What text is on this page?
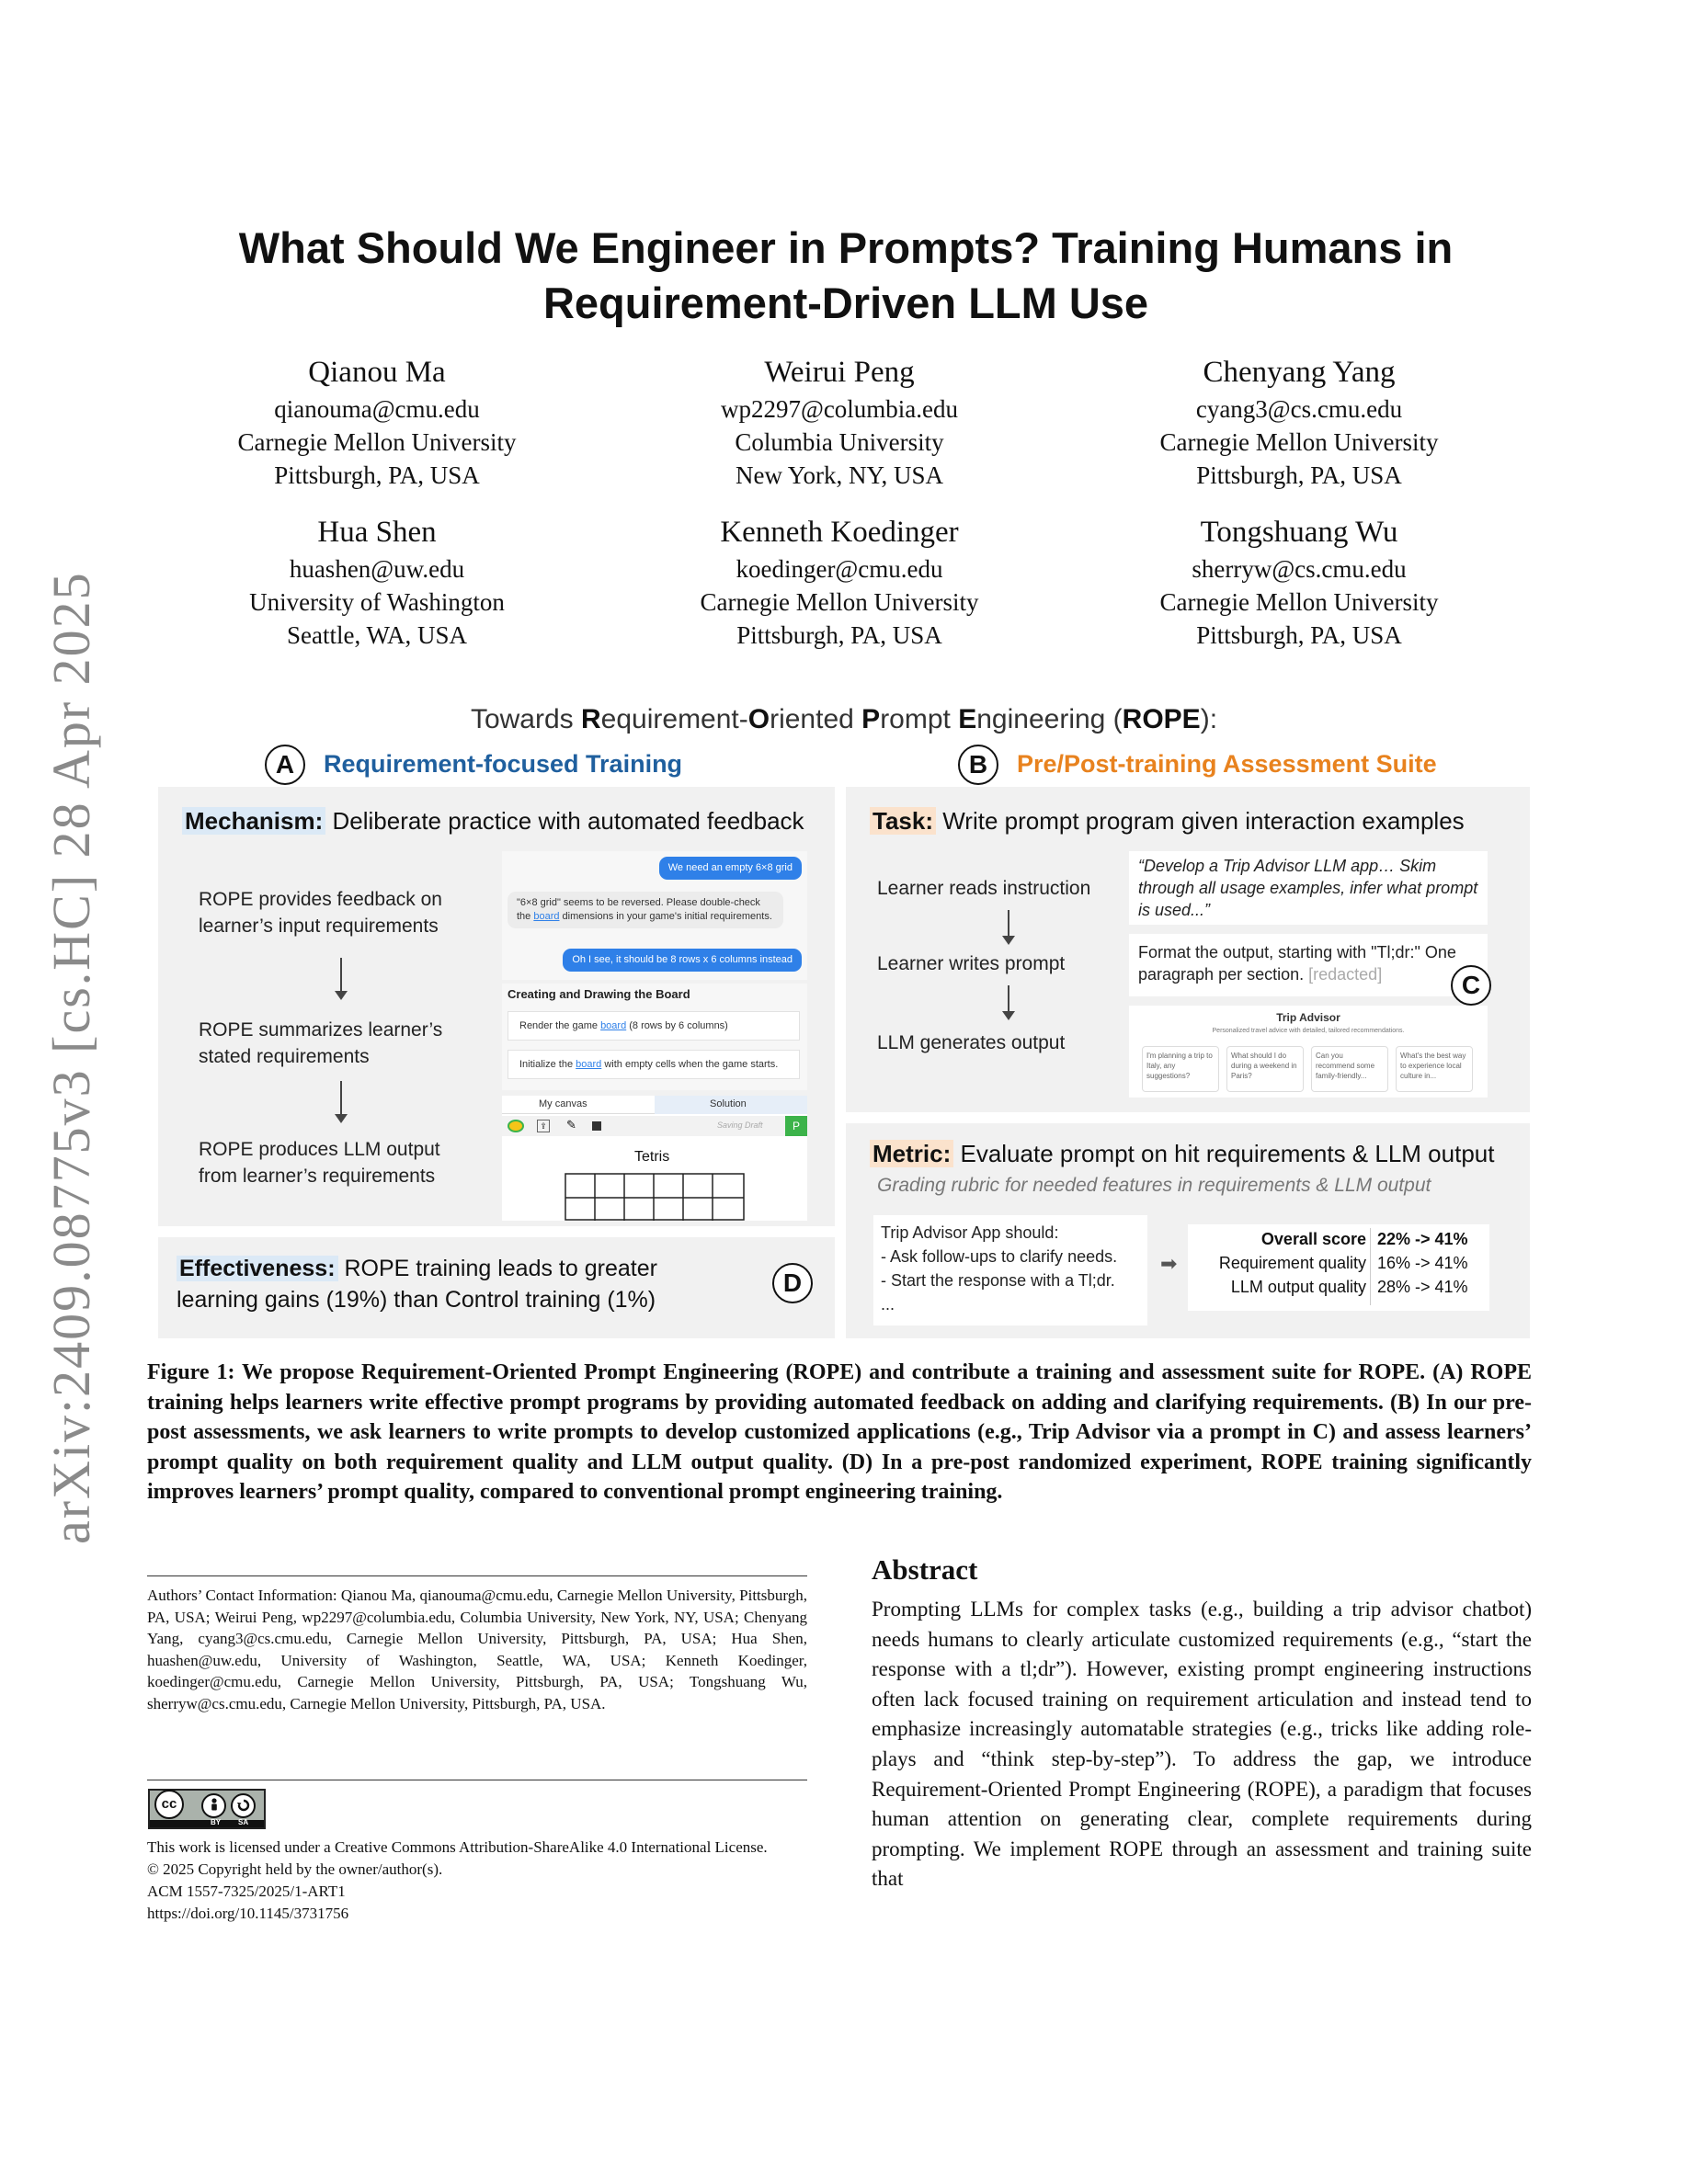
arXiv:2409.08775v3 [cs.HC] 28 Apr 2025
What Should We Engineer in Prompts? Training Humans in
Requirement-Driven LLM Use
Qianou Ma
qianouma@cmu.edu
Carnegie Mellon University
Pittsburgh, PA, USA
Weirui Peng
wp2297@columbia.edu
Columbia University
New York, NY, USA
Chenyang Yang
cyang3@cs.cmu.edu
Carnegie Mellon University
Pittsburgh, PA, USA
Hua Shen
huashen@uw.edu
University of Washington
Seattle, WA, USA
Kenneth Koedinger
koedinger@cmu.edu
Carnegie Mellon University
Pittsburgh, PA, USA
Tongshuang Wu
sherryw@cs.cmu.edu
Carnegie Mellon University
Pittsburgh, PA, USA
Towards Requirement-Oriented Prompt Engineering (ROPE):
A	Requirement-focused Training	B	Pre/Post-training Assessment Suite
Mechanism: Deliberate practice with automated feedback
ROPE provides feedback on learner’s input requirements
ROPE summarizes learner’s stated requirements
ROPE produces LLM output from learner’s requirements
We need an empty 6×8 grid
"6×8 grid" seems to be reversed. Please double-check the board dimensions in your game's initial requirements.
Oh I see, it should be 8 rows x 6 columns instead
Creating and Drawing the Board
Render the game board (8 rows by 6 columns)
Initialize the board with empty cells when the game starts.
My canvas	Solution
⇪ ✎	Saving Draft	P
Tetris
Effectiveness: ROPE training leads to greater
learning gains (19%) than Control training (1%)
D
Task: Write prompt program given interaction examples
Learner reads instruction
Learner writes prompt
LLM generates output
“Develop a Trip Advisor LLM app… Skim through all usage examples, infer what prompt is used...”
Format the output, starting with "Tl;dr:" One paragraph per section. [redacted]	C
Trip Advisor
Personalized travel advice with detailed, tailored recommendations.
I'm planning a trip to Italy, any suggestions?
What should I do during a weekend in Paris?
Can you recommend some family-friendly...
What's the best way to experience local culture in...
Metric: Evaluate prompt on hit requirements & LLM output
Grading rubric for needed features in requirements & LLM output
Trip Advisor App should:
- Ask follow-ups to clarify needs.
- Start the response with a Tl;dr.
...
➡
Overall score 22% -> 41%
Requirement quality 16% -> 41%
LLM output quality 28% -> 41%
Figure 1: We propose Requirement-Oriented Prompt Engineering (ROPE) and contribute a training and assessment suite for ROPE. (A) ROPE training helps learners write effective prompt programs by providing automated feedback on adding and clarifying requirements. (B) In our pre-post assessments, we ask learners to write prompts to develop customized applications (e.g., Trip Advisor via a prompt in C) and assess learners’ prompt quality on both requirement quality and LLM output quality. (D) In a pre-post randomized experiment, ROPE training significantly improves learners’ prompt quality, compared to conventional prompt engineering training.
Authors’ Contact Information: Qianou Ma, qianouma@cmu.edu, Carnegie Mellon University, Pittsburgh, PA, USA; Weirui Peng, wp2297@columbia.edu, Columbia University, New York, NY, USA; Chenyang Yang, cyang3@cs.cmu.edu, Carnegie Mellon University, Pittsburgh, PA, USA; Hua Shen, huashen@uw.edu, University of Washington, Seattle, WA, USA; Kenneth Koedinger, koedinger@cmu.edu, Carnegie Mellon University, Pittsburgh, PA, USA; Tongshuang Wu, sherryw@cs.cmu.edu, Carnegie Mellon University, Pittsburgh, PA, USA.
cc
BY SA
This work is licensed under a Creative Commons Attribution-ShareAlike 4.0 International License.
© 2025 Copyright held by the owner/author(s).
ACM 1557-7325/2025/1-ART1
https://doi.org/10.1145/3731756
Abstract
Prompting LLMs for complex tasks (e.g., building a trip advisor chatbot) needs humans to clearly articulate customized requirements (e.g., “start the response with a tl;dr”). However, existing prompt engineering instructions often lack focused training on requirement articulation and instead tend to emphasize increasingly automatable strategies (e.g., tricks like adding role-plays and “think step-by-step”). To address the gap, we introduce Requirement-Oriented Prompt Engineering (ROPE), a paradigm that focuses human attention on generating clear, complete requirements during prompting. We implement ROPE through an assessment and training suite that
